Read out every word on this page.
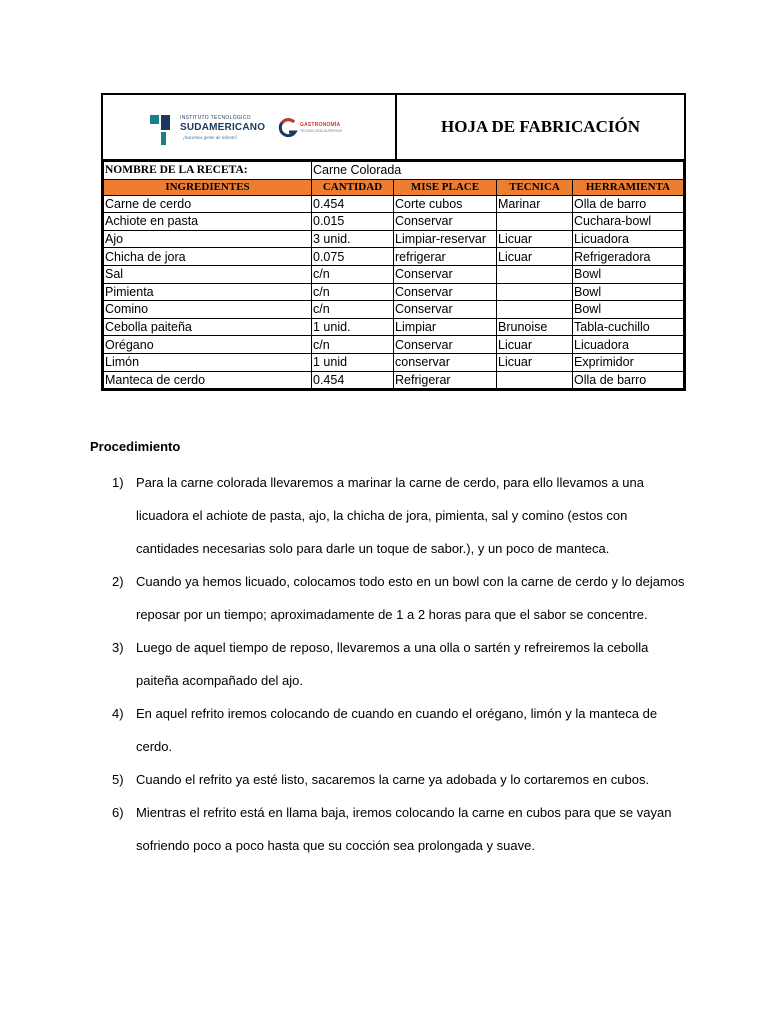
INSTITUTO TECNOLÓGICO
SUDAMERICANO
¡hacemos gente de talento!
GASTRONOMÍA
TECNOLOGÍA SUPERIOR	HOJA DE FABRICACIÓN
NOMBRE DE LA RECETA:	Carne Colorada			
INGREDIENTES	CANTIDAD	MISE PLACE	TECNICA	HERRAMIENTA
Carne de cerdo	0.454	Corte cubos	Marinar	Olla de barro
Achiote en pasta	0.015	Conservar		Cuchara-bowl
Ajo	3 unid.	Limpiar-reservar	Licuar	Licuadora
Chicha de jora	0.075	refrigerar	Licuar	Refrigeradora
Sal	c/n	Conservar		Bowl
Pimienta	c/n	Conservar		Bowl
Comino	c/n	Conservar		Bowl
Cebolla paiteña	1 unid.	Limpiar	Brunoise	Tabla-cuchillo
Orégano	c/n	Conservar	Licuar	Licuadora
Limón	1 unid	conservar	Licuar	Exprimidor
Manteca de cerdo	0.454	Refrigerar		Olla de barro
Procedimiento
1) Para la carne colorada llevaremos a marinar la carne de cerdo, para ello llevamos a una licuadora el achiote de pasta, ajo, la chicha de jora, pimienta, sal y comino (estos con cantidades necesarias solo para darle un toque de sabor.), y un poco de manteca.
2) Cuando ya hemos licuado, colocamos todo esto en un bowl con la carne de cerdo y lo dejamos reposar por un tiempo; aproximadamente de 1 a 2 horas para que el sabor se concentre.
3) Luego de aquel tiempo de reposo, llevaremos a una olla o sartén y refreiremos la cebolla paiteña acompañado del ajo.
4) En aquel refrito iremos colocando de cuando en cuando el orégano, limón y la manteca de cerdo.
5) Cuando el refrito ya esté listo, sacaremos la carne ya adobada y lo cortaremos en cubos.
6) Mientras el refrito está en llama baja, iremos colocando la carne en cubos para que se vayan sofriendo poco a poco hasta que su cocción sea prolongada y suave.
